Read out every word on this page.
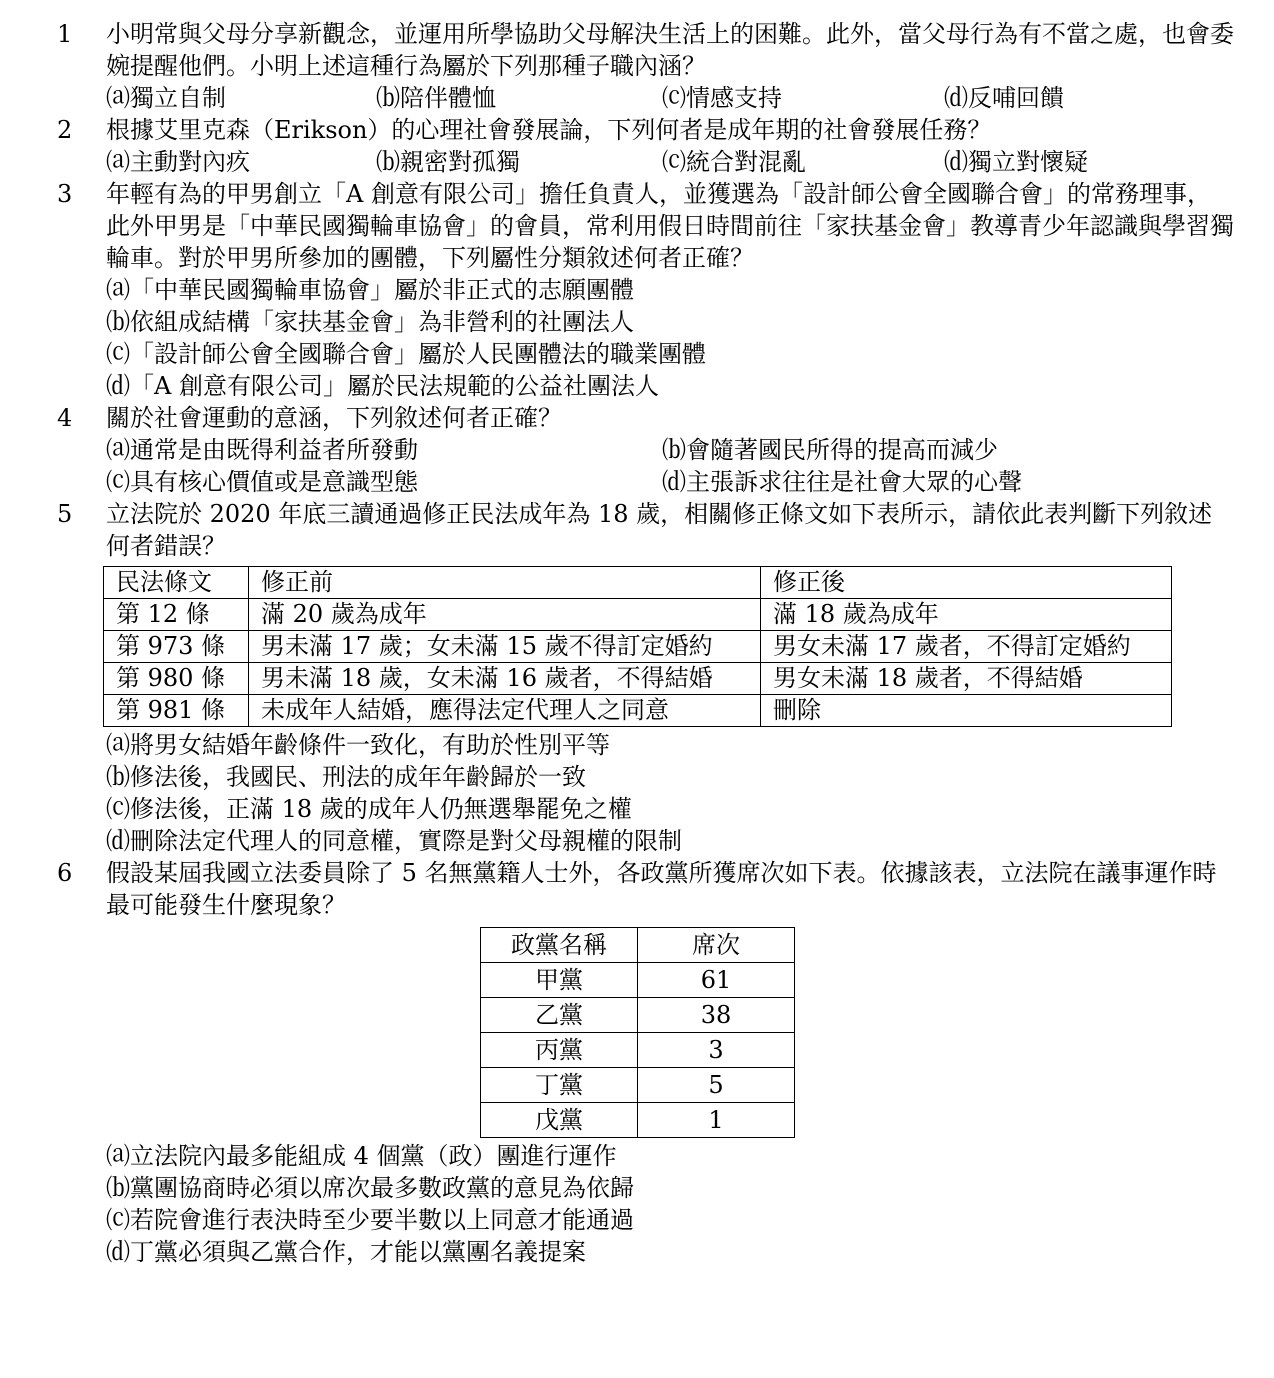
1	小明常與父母分享新觀念，並運用所學協助父母解決生活上的困難。此外，當父母行為有不當之處，也會委婉提醒他們。小明上述這種行為屬於下列那種子職內涵？
⒜獨立自制	⒝陪伴體恤	⒞情感支持	⒟反哺回饋
2	根據艾里克森（Erikson）的心理社會發展論，下列何者是成年期的社會發展任務？
⒜主動對內疚	⒝親密對孤獨	⒞統合對混亂	⒟獨立對懷疑
3	年輕有為的甲男創立「A 創意有限公司」擔任負責人，並獲選為「設計師公會全國聯合會」的常務理事，此外甲男是「中華民國獨輪車協會」的會員，常利用假日時間前往「家扶基金會」教導青少年認識與學習獨輪車。對於甲男所參加的團體，下列屬性分類敘述何者正確？
⒜「中華民國獨輪車協會」屬於非正式的志願團體
⒝依組成結構「家扶基金會」為非營利的社團法人
⒞「設計師公會全國聯合會」屬於人民團體法的職業團體
⒟「A 創意有限公司」屬於民法規範的公益社團法人
4	關於社會運動的意涵，下列敘述何者正確？
⒜通常是由既得利益者所發動	⒝會隨著國民所得的提高而減少
⒞具有核心價值或是意識型態	⒟主張訴求往往是社會大眾的心聲
5	立法院於 2020 年底三讀通過修正民法成年為 18 歲，相關修正條文如下表所示，請依此表判斷下列敘述何者錯誤？
民法條文	修正前	修正後
第 12 條	滿 20 歲為成年	滿 18 歲為成年
第 973 條	男未滿 17 歲；女未滿 15 歲不得訂定婚約	男女未滿 17 歲者，不得訂定婚約
第 980 條	男未滿 18 歲，女未滿 16 歲者，不得結婚	男女未滿 18 歲者，不得結婚
第 981 條	未成年人結婚，應得法定代理人之同意	刪除
⒜將男女結婚年齡條件一致化，有助於性別平等
⒝修法後，我國民、刑法的成年年齡歸於一致
⒞修法後，正滿 18 歲的成年人仍無選舉罷免之權
⒟刪除法定代理人的同意權，實際是對父母親權的限制
6	假設某屆我國立法委員除了 5 名無黨籍人士外，各政黨所獲席次如下表。依據該表，立法院在議事運作時最可能發生什麼現象？
政黨名稱	席次
甲黨	61
乙黨	38
丙黨	3
丁黨	5
戊黨	1
⒜立法院內最多能組成 4 個黨（政）團進行運作
⒝黨團協商時必須以席次最多數政黨的意見為依歸
⒞若院會進行表決時至少要半數以上同意才能通過
⒟丁黨必須與乙黨合作，才能以黨團名義提案
